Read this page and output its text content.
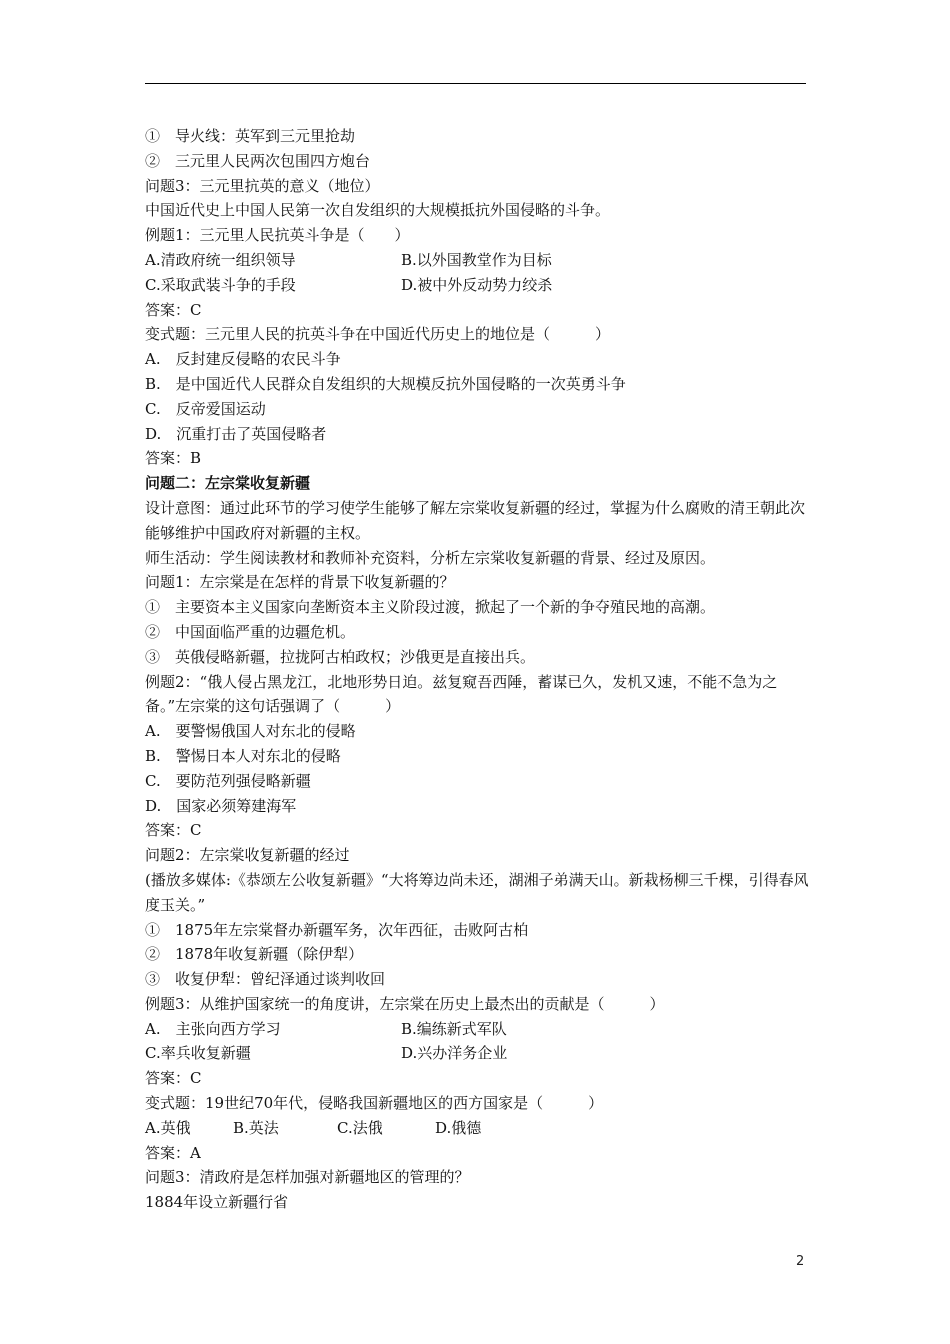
①　导火线：英军到三元里抢劫
②　三元里人民两次包围四方炮台
问题3：三元里抗英的意义（地位）
中国近代史上中国人民第一次自发组织的大规模抵抗外国侵略的斗争。
例题1：三元里人民抗英斗争是（　　）
A.清政府统一组织领导	B.以外国教堂作为目标
C.采取武装斗争的手段	D.被中外反动势力绞杀
答案：C
变式题：三元里人民的抗英斗争在中国近代历史上的地位是（　　　）
A.　反封建反侵略的农民斗争
B.　是中国近代人民群众自发组织的大规模反抗外国侵略的一次英勇斗争
C.　反帝爱国运动
D.　沉重打击了英国侵略者
答案：B
问题二：左宗棠收复新疆
设计意图：通过此环节的学习使学生能够了解左宗棠收复新疆的经过，掌握为什么腐败的清王朝此次能够维护中国政府对新疆的主权。
师生活动：学生阅读教材和教师补充资料，分析左宗棠收复新疆的背景、经过及原因。
问题1：左宗棠是在怎样的背景下收复新疆的？
①　主要资本主义国家向垄断资本主义阶段过渡，掀起了一个新的争夺殖民地的高潮。
②　中国面临严重的边疆危机。
③　英俄侵略新疆，拉拢阿古柏政权；沙俄更是直接出兵。
例题2：“俄人侵占黑龙江，北地形势日迫。兹复窥吾西陲，蓄谋已久，发机又速，不能不急为之备。”左宗棠的这句话强调了（　　　）
A.　要警惕俄国人对东北的侵略
B.　警惕日本人对东北的侵略
C.　要防范列强侵略新疆
D.　国家必须筹建海军
答案：C
问题2：左宗棠收复新疆的经过
(播放多媒体:《恭颂左公收复新疆》“大将筹边尚未还，湖湘子弟满天山。新栽杨柳三千棵，引得春风度玉关。”
①　1875年左宗棠督办新疆军务，次年西征，击败阿古柏
②　1878年收复新疆（除伊犁）
③　收复伊犁：曾纪泽通过谈判收回
例题3：从维护国家统一的角度讲，左宗棠在历史上最杰出的贡献是（　　　）
A.　主张向西方学习	B.编练新式军队
C.率兵收复新疆	D.兴办洋务企业
答案：C
变式题：19世纪70年代，侵略我国新疆地区的西方国家是（　　　）
A.英俄	B.英法	C.法俄	D.俄德
答案：A
问题3：清政府是怎样加强对新疆地区的管理的？
1884年设立新疆行省
2
